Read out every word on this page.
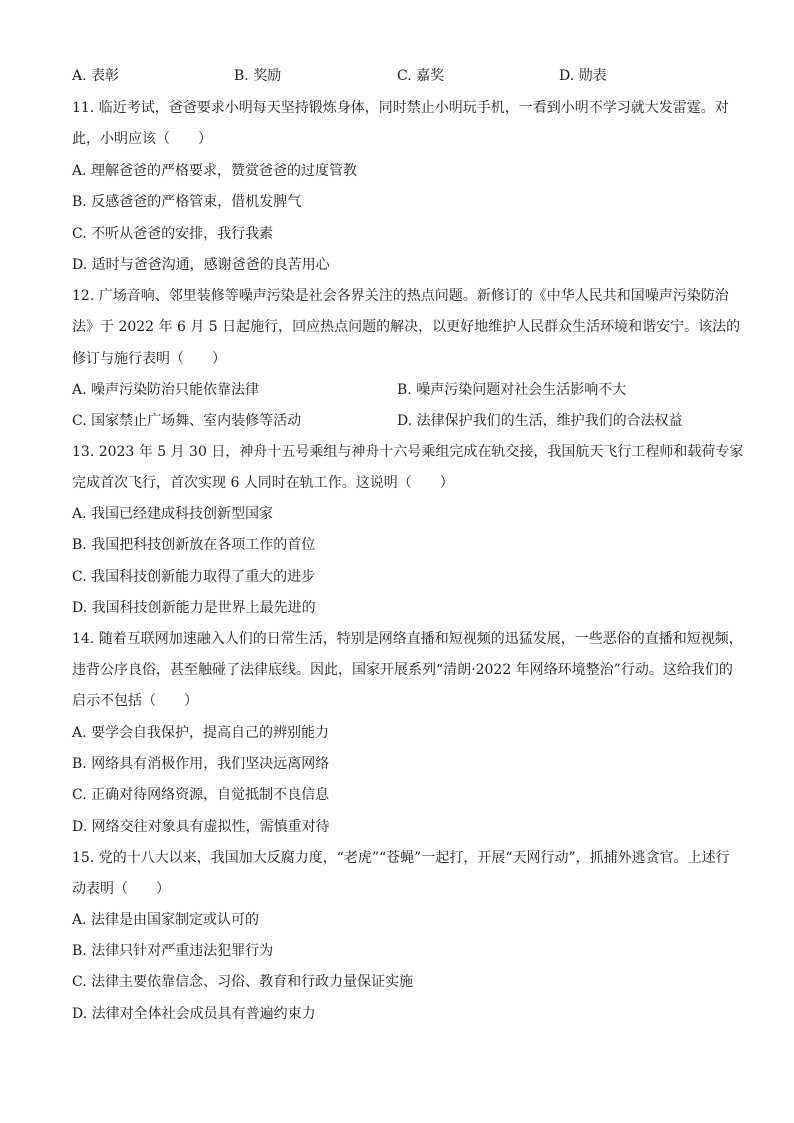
A. 表彰	B. 奖励	C. 嘉奖	D. 勋表
11. 临近考试，爸爸要求小明每天坚持锻炼身体，同时禁止小明玩手机，一看到小明不学习就大发雷霆。对
此，小明应该（　　）
A. 理解爸爸的严格要求，赞赏爸爸的过度管教
B. 反感爸爸的严格管束，借机发脾气
C. 不听从爸爸的安排，我行我素
D. 适时与爸爸沟通，感谢爸爸的良苦用心
12. 广场音响、邻里装修等噪声污染是社会各界关注的热点问题。新修订的《中华人民共和国噪声污染防治
法》于 2022 年 6 月 5 日起施行，回应热点问题的解决，以更好地维护人民群众生活环境和谐安宁。该法的
修订与施行表明（　　）
A. 噪声污染防治只能依靠法律	B. 噪声污染问题对社会生活影响不大
C. 国家禁止广场舞、室内装修等活动	D. 法律保护我们的生活，维护我们的合法权益
13. 2023 年 5 月 30 日，神舟十五号乘组与神舟十六号乘组完成在轨交接，我国航天飞行工程师和载荷专家
完成首次飞行，首次实现 6 人同时在轨工作。这说明（　　）
A. 我国已经建成科技创新型国家
B. 我国把科技创新放在各项工作的首位
C. 我国科技创新能力取得了重大的进步
D. 我国科技创新能力是世界上最先进的
14. 随着互联网加速融入人们的日常生活，特别是网络直播和短视频的迅猛发展，一些恶俗的直播和短视频，
违背公序良俗，甚至触碰了法律底线。因此，国家开展系列“清朗·2022 年网络环境整治”行动。这给我们的
启示不包括（　　）
A. 要学会自我保护，提高自己的辨别能力
B. 网络具有消极作用，我们坚决远离网络
C. 正确对待网络资源，自觉抵制不良信息
D. 网络交往对象具有虚拟性，需慎重对待
15. 党的十八大以来，我国加大反腐力度，“老虎”“苍蝇”一起打，开展“天网行动”，抓捕外逃贪官。上述行
动表明（　　）
A. 法律是由国家制定或认可的
B. 法律只针对严重违法犯罪行为
C. 法律主要依靠信念、习俗、教育和行政力量保证实施
D. 法律对全体社会成员具有普遍约束力
